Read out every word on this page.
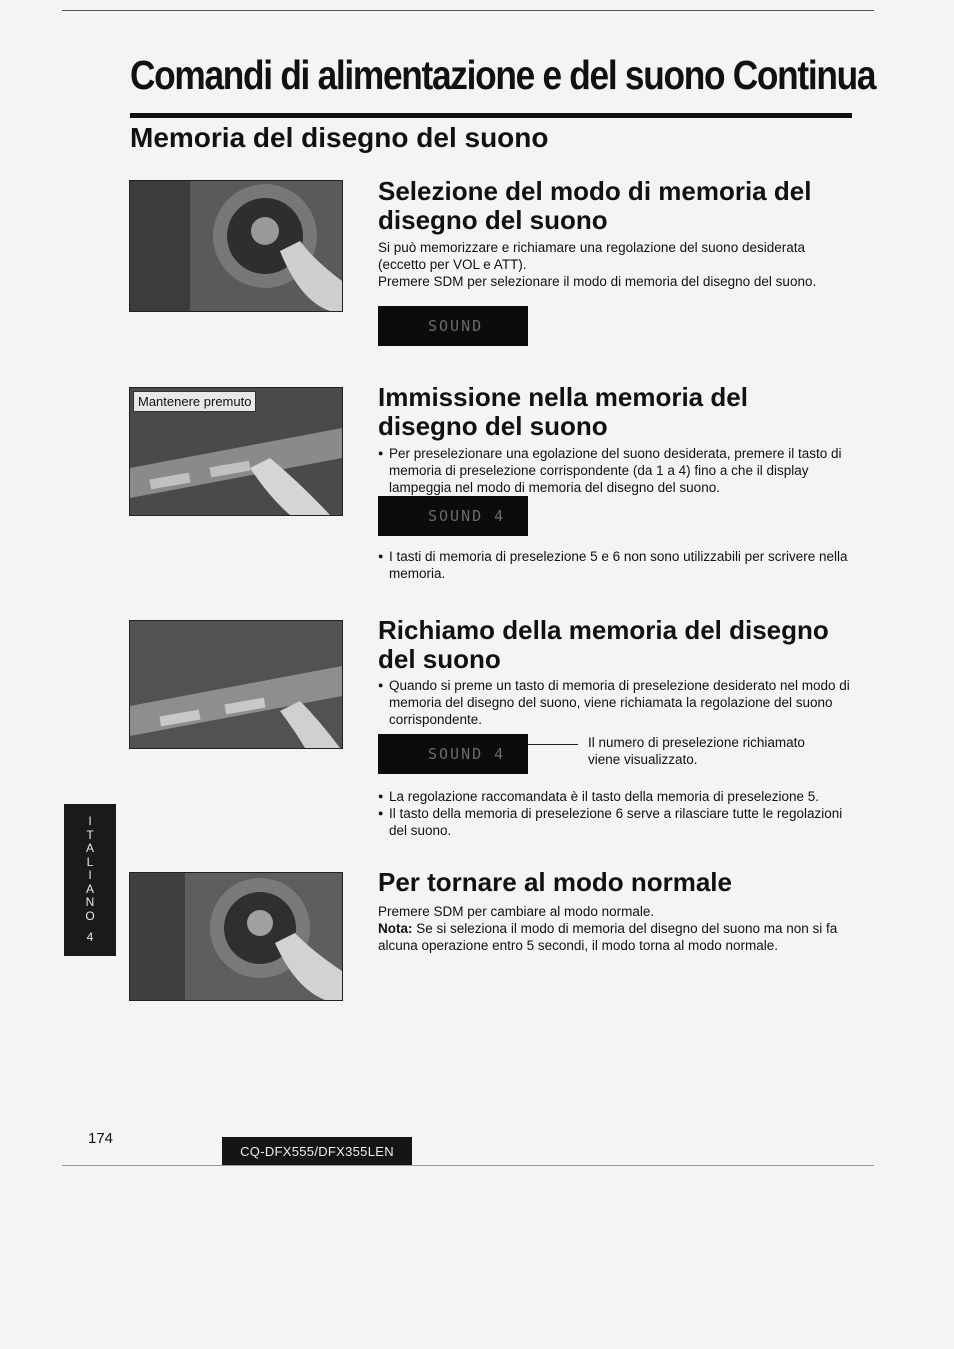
Comandi di alimentazione e del suono Continua
Memoria del disegno del suono
Selezione del modo di memoria del disegno del suono

Si può memorizzare e richiamare una regolazione del suono desiderata (eccetto per VOL e ATT).

Premere SDM per selezionare il modo di memoria del disegno del suono.

SOUND
Mantenere premuto	Immissione nella memoria del disegno del suono

● Per preselezionare una egolazione del suono desiderata, premere il tasto di memoria di preselezione corrispondente (da 1 a 4) fino a che il display lampeggia nel modo di memoria del disegno del suono.

SOUND 4

● I tasti di memoria di preselezione 5 e 6 non sono utilizzabili per scrivere nella memoria.

Richiamo della memoria del disegno del suono

● Quando si preme un tasto di memoria di preselezione desiderato nel modo di memoria del disegno del suono, viene richiamata la regolazione del suono corrispondente.

SOUND 4

Il numero di preselezione richiamato viene visualizzato.

● La regolazione raccomandata è il tasto della memoria di preselezione 5.

● Il tasto della memoria di preselezione 6 serve a rilasciare tutte le regolazioni del suono.

Per tornare al modo normale

Premere SDM per cambiare al modo normale.

Nota: Se si seleziona il modo di memoria del disegno del suono ma non si fa alcuna operazione entro 5 secondi, il modo torna al modo normale.

I
T
A
L
I
A
N
O
4
174
CQ-DFX555/DFX355LEN
